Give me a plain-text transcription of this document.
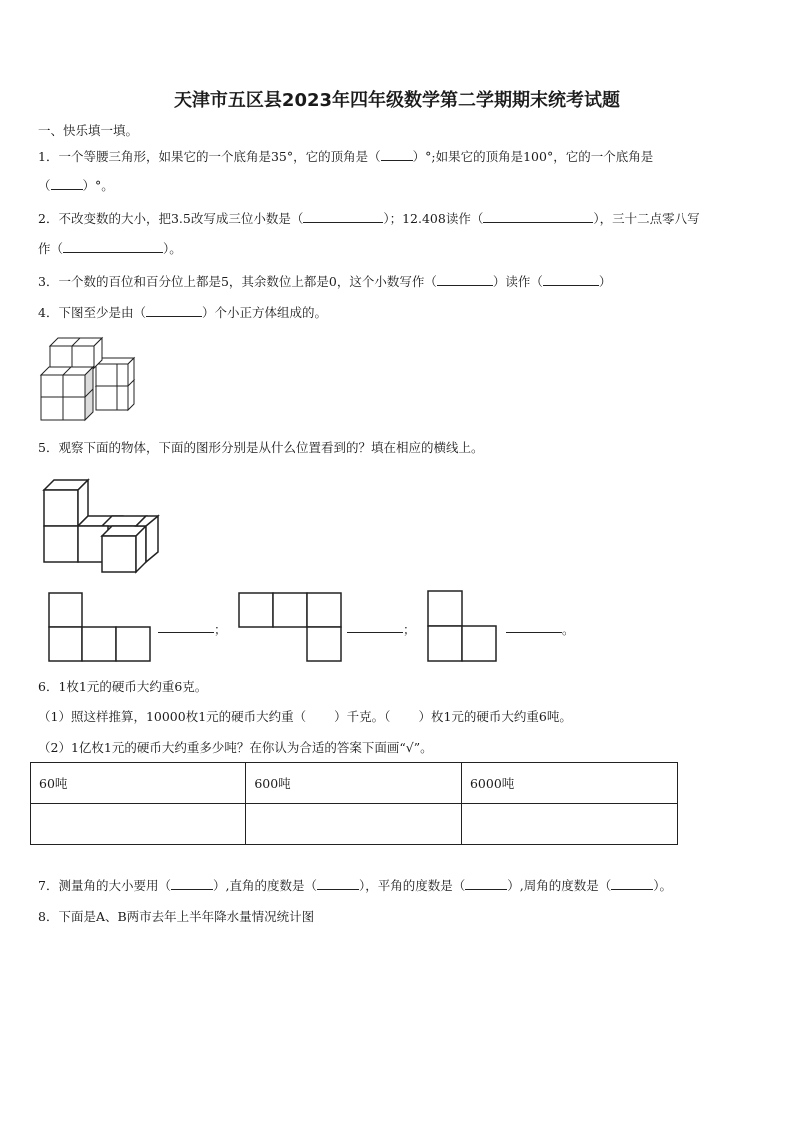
天津市五区县2023年四年级数学第二学期期末统考试题
一、快乐填一填。
1．一个等腰三角形，如果它的一个底角是35°，它的顶角是（	）°;如果它的顶角是100°，它的一个底角是
（	）°。
2．不改变数的大小，把3.5改写成三位小数是（	）；12.408读作（	），三十二点零八写
作（	）。
3．一个数的百位和百分位上都是5，其余数位上都是0，这个小数写作（	）读作（	）
4．下图至少是由（	）个小正方体组成的。
5．观察下面的物体，下面的图形分别是从什么位置看到的？填在相应的横线上。
；	；	。
6．1枚1元的硬币大约重6克。
（1）照这样推算，10000枚1元的硬币大约重（ ）千克。（ ）枚1元的硬币大约重6吨。
（2）1亿枚1元的硬币大约重多少吨？在你认为合适的答案下面画“√”。
60吨	600吨	6000吨

7．测量角的大小要用（	）,直角的度数是（	），平角的度数是（	）,周角的度数是（	）。
8．下面是A、B两市去年上半年降水量情况统计图
